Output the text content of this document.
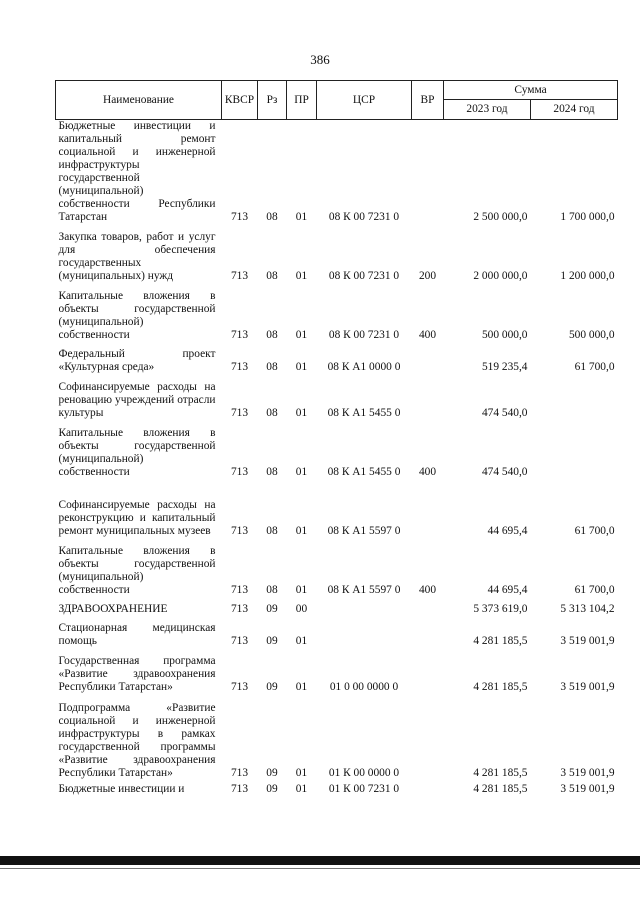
386
Наименование	КВСР	Рз	ПР	ЦСР	ВР	Сумма	
						2023 год	2024 год
Бюджетные инвестиции и капитальный ремонт социальной и инженерной инфраструктуры государственной (муниципальной) собственности Республики Татарстан	713	08	01	08 К 00 7231 0		2 500 000,0	1 700 000,0
Закупка товаров, работ и услуг для обеспечения государственных (муниципальных) нужд	713	08	01	08 К 00 7231 0	200	2 000 000,0	1 200 000,0
Капитальные вложения в объекты государственной (муниципальной) собственности	713	08	01	08 К 00 7231 0	400	500 000,0	500 000,0
Федеральный проект «Культурная среда»	713	08	01	08 К А1 0000 0		519 235,4	61 700,0
Софинансируемые расходы на реновацию учреждений отрасли культуры	713	08	01	08 К А1 5455 0		474 540,0	
Капитальные вложения в объекты государственной (муниципальной) собственности	713	08	01	08 К А1 5455 0	400	474 540,0	
Софинансируемые расходы на реконструкцию и капитальный ремонт муниципальных музеев	713	08	01	08 К А1 5597 0		44 695,4	61 700,0
Капитальные вложения в объекты государственной (муниципальной) собственности	713	08	01	08 К А1 5597 0	400	44 695,4	61 700,0
ЗДРАВООХРАНЕНИЕ	713	09	00			5 373 619,0	5 313 104,2
Стационарная медицинская помощь	713	09	01			4 281 185,5	3 519 001,9
Государственная программа «Развитие здравоохранения Республики Татарстан»	713	09	01	01 0 00 0000 0		4 281 185,5	3 519 001,9
Подпрограмма «Развитие социальной и инженерной инфраструктуры в рамках государственной программы «Развитие здравоохранения Республики Татарстан»	713	09	01	01 К 00 0000 0		4 281 185,5	3 519 001,9
Бюджетные инвестиции и	713	09	01	01 К 00 7231 0		4 281 185,5	3 519 001,9
